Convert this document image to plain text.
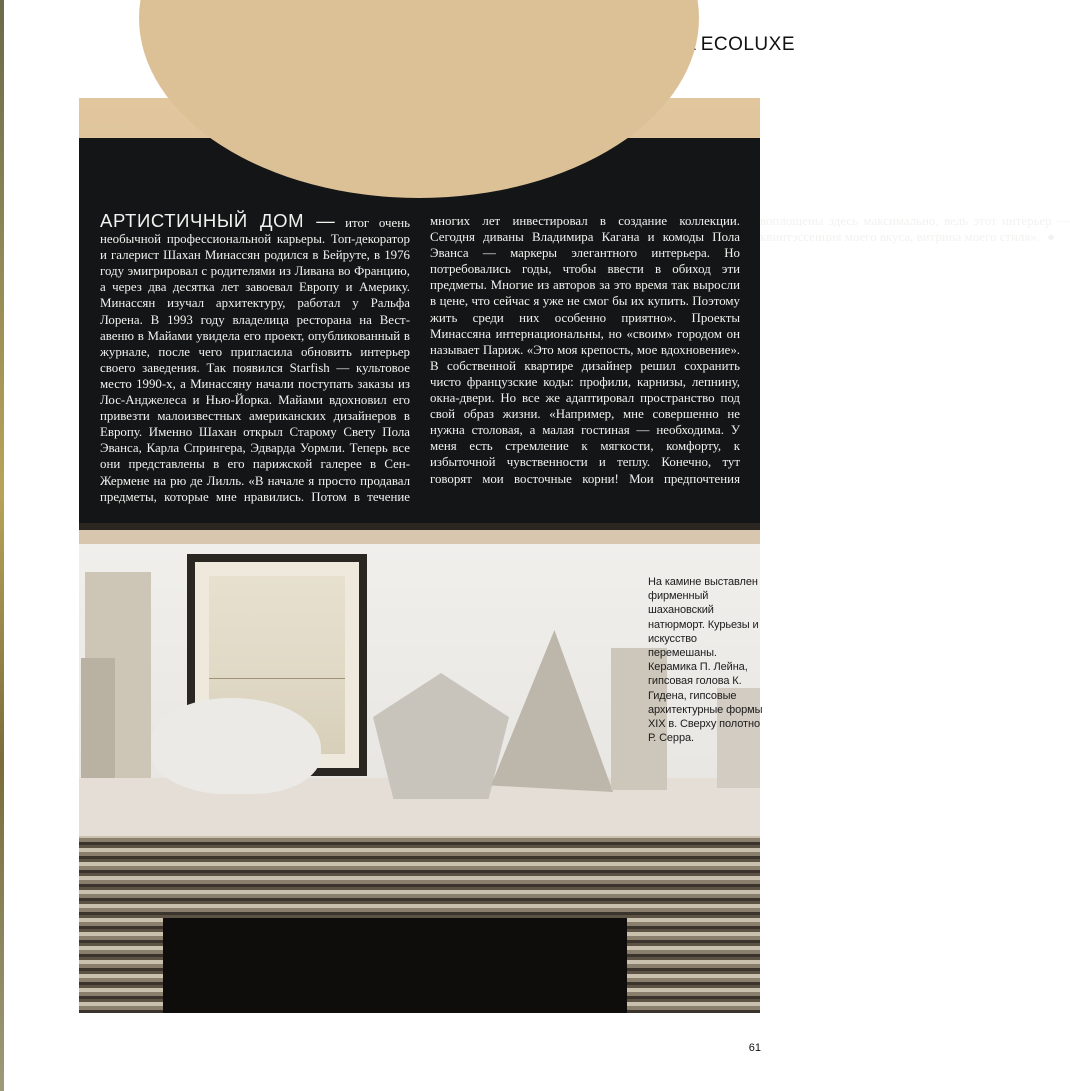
ECOLUXE
АРТИСТИЧНЫЙ ДОМ — итог очень необычной профессиональной карьеры. Топ-декоратор и галерист Шахан Минассян родился в Бейруте, в 1976 году эмигрировал с родителями из Ливана во Францию, а через два десятка лет завоевал Европу и Америку. Минассян изучал архитектуру, работал у Ральфа Лорена. В 1993 году владелица ресторана на Вест-авеню в Майами увидела его проект, опубликованный в журнале, после чего пригласила обновить интерьер своего заведения. Так появился Starfish — культовое место 1990-х, а Минассяну начали поступать заказы из Лос-Анджелеса и Нью-Йорка. Майами вдохновил его привезти малоизвестных американских дизайнеров в Европу. Именно Шахан открыл Старому Свету Пола Эванса, Карла Спрингера, Эдварда Уормли. Теперь все они представлены в его парижской галерее в Сен-Жермене на рю де Лилль. «В начале я просто продавал предметы, которые мне нравились. Потом в течение многих лет инвестировал в создание коллекции. Сегодня диваны Владимира Кагана и комоды Пола Эванса — маркеры элегантного интерьера. Но потребовались годы, чтобы ввести в обиход эти предметы. Многие из авторов за это время так выросли в цене, что сейчас я уже не смог бы их купить. Поэтому жить среди них особенно приятно». Проекты Минассяна интернациональны, но «своим» городом он называет Париж. «Это моя крепость, мое вдохновение». В собственной квартире дизайнер решил сохранить чисто французские коды: профили, карнизы, лепнину, окна-двери. Но все же адаптировал пространство под свой образ жизни. «Например, мне совершенно не нужна столовая, а малая гостиная — необходима. У меня есть стремление к мягкости, комфорту, к избыточной чувственности и теплу. Конечно, тут говорят мои восточные корни! Мои предпочтения воплощены здесь максимально, ведь этот интерьер — квинтэссенция моего вкуса, витрина моего стиля». ●
На камине выставлен фирменный шахановский натюрморт. Курьезы и искусство перемешаны. Керамика П. Лейна, гипсовая голова К. Гидена, гипсовые архитектурные формы XIX в. Сверху полотно Р. Серра.
61
